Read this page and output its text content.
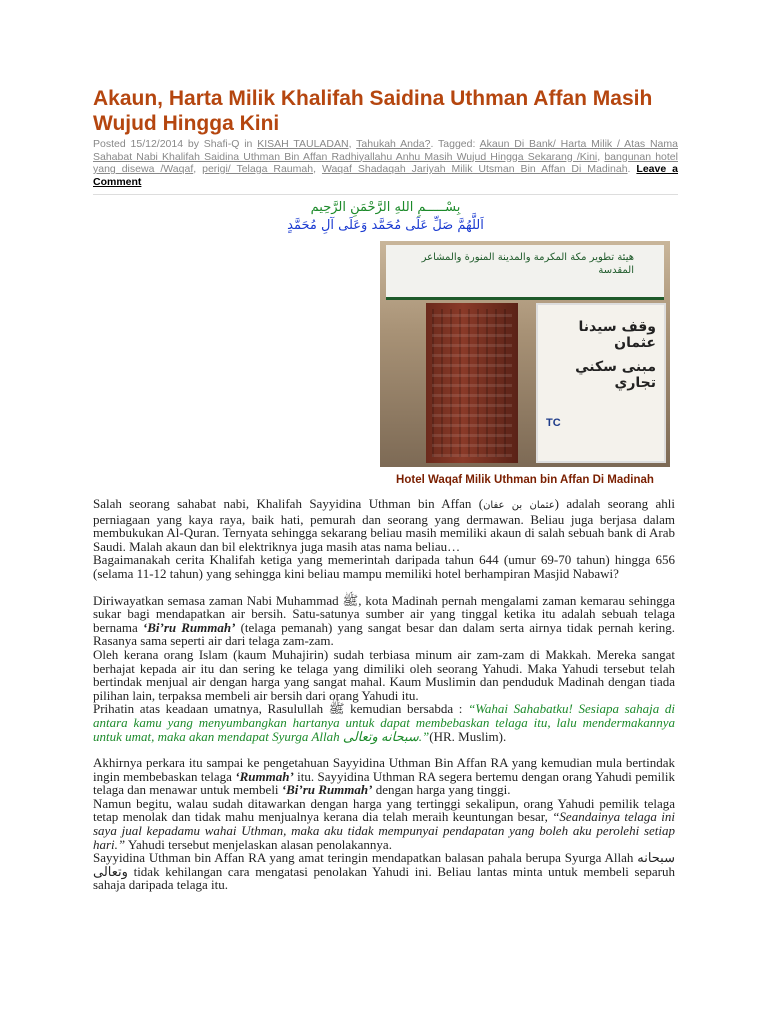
Akaun, Harta Milik Khalifah Saidina Uthman Affan Masih Wujud Hingga Kini
Posted 15/12/2014 by Shafi-Q in KISAH TAULADAN, Tahukah Anda?. Tagged: Akaun Di Bank/ Harta Milik / Atas Nama Sahabat Nabi Khalifah Saidina Uthman Bin Affan Radhiyallahu Anhu Masih Wujud Hingga Sekarang /Kini, bangunan hotel yang disewa /Waqaf, perigi/ Telaga Raumah, Waqaf Shadaqah Jariyah Milik Utsman Bin Affan Di Madinah. Leave a Comment
بِسْـــــمِ اللهِ الرَّحْمَنِ الرَّحِيم
اَللَّهُمَّ صَلِّ عَلَى مُحَمَّد وَعَلَى آلِ مُحَمَّدٍ
هيئة تطوير مكة المكرمة والمدينة المنورة والمشاعر المقدسة
وقف سيدنا عثمان
مبنى سكني تجاري
TC
Hotel Waqaf Milik Uthman bin Affan Di Madinah

Salah seorang sahabat nabi, Khalifah Sayyidina Uthman bin Affan (عثمان بن عفان) adalah seorang ahli perniagaan yang kaya raya, baik hati, pemurah dan seorang yang dermawan. Beliau juga berjasa dalam membukukan Al-Quran. Ternyata sehingga sekarang beliau masih memiliki akaun di salah sebuah bank di Arab Saudi. Malah akaun dan bil elektriknya juga masih atas nama beliau…

Bagaimanakah cerita Khalifah ketiga yang memerintah daripada tahun 644 (umur 69-70 tahun) hingga 656 (selama 11-12 tahun) yang sehingga kini beliau mampu memiliki hotel berhampiran Masjid Nabawi?

Diriwayatkan semasa zaman Nabi Muhammad ﷺ, kota Madinah pernah mengalami zaman kemarau sehingga sukar bagi mendapatkan air bersih. Satu-satunya sumber air yang tinggal ketika itu adalah sebuah telaga bernama ‘Bi’ru Rummah’ (telaga pemanah) yang sangat besar dan dalam serta airnya tidak pernah kering. Rasanya sama seperti air dari telaga zam-zam.

Oleh kerana orang Islam (kaum Muhajirin) sudah terbiasa minum air zam-zam di Makkah. Mereka sangat berhajat kepada air itu dan sering ke telaga yang dimiliki oleh seorang Yahudi. Maka Yahudi tersebut telah bertindak menjual air dengan harga yang sangat mahal. Kaum Muslimin dan penduduk Madinah dengan tiada pilihan lain, terpaksa membeli air bersih dari orang Yahudi itu.

Prihatin atas keadaan umatnya, Rasulullah ﷺ kemudian bersabda : “Wahai Sahabatku! Sesiapa sahaja di antara kamu yang menyumbangkan hartanya untuk dapat membebaskan telaga itu, lalu mendermakannya untuk umat, maka akan mendapat Syurga Allah سبحانه وتعالى.”(HR. Muslim).

Akhirnya perkara itu sampai ke pengetahuan Sayyidina Uthman Bin Affan RA yang kemudian mula bertindak ingin membebaskan telaga ‘Rummah’ itu. Sayyidina Uthman RA segera bertemu dengan orang Yahudi pemilik telaga dan menawar untuk membeli ‘Bi’ru Rummah’ dengan harga yang tinggi.

Namun begitu, walau sudah ditawarkan dengan harga yang tertinggi sekalipun, orang Yahudi pemilik telaga tetap menolak dan tidak mahu menjualnya kerana dia telah meraih keuntungan besar, “Seandainya telaga ini saya jual kepadamu wahai Uthman, maka aku tidak mempunyai pendapatan yang boleh aku perolehi setiap hari.” Yahudi tersebut menjelaskan alasan penolakannya.

Sayyidina Uthman bin Affan RA yang amat teringin mendapatkan balasan pahala berupa Syurga Allah سبحانه وتعالى tidak kehilangan cara mengatasi penolakan Yahudi ini. Beliau lantas minta untuk membeli separuh sahaja daripada telaga itu.
